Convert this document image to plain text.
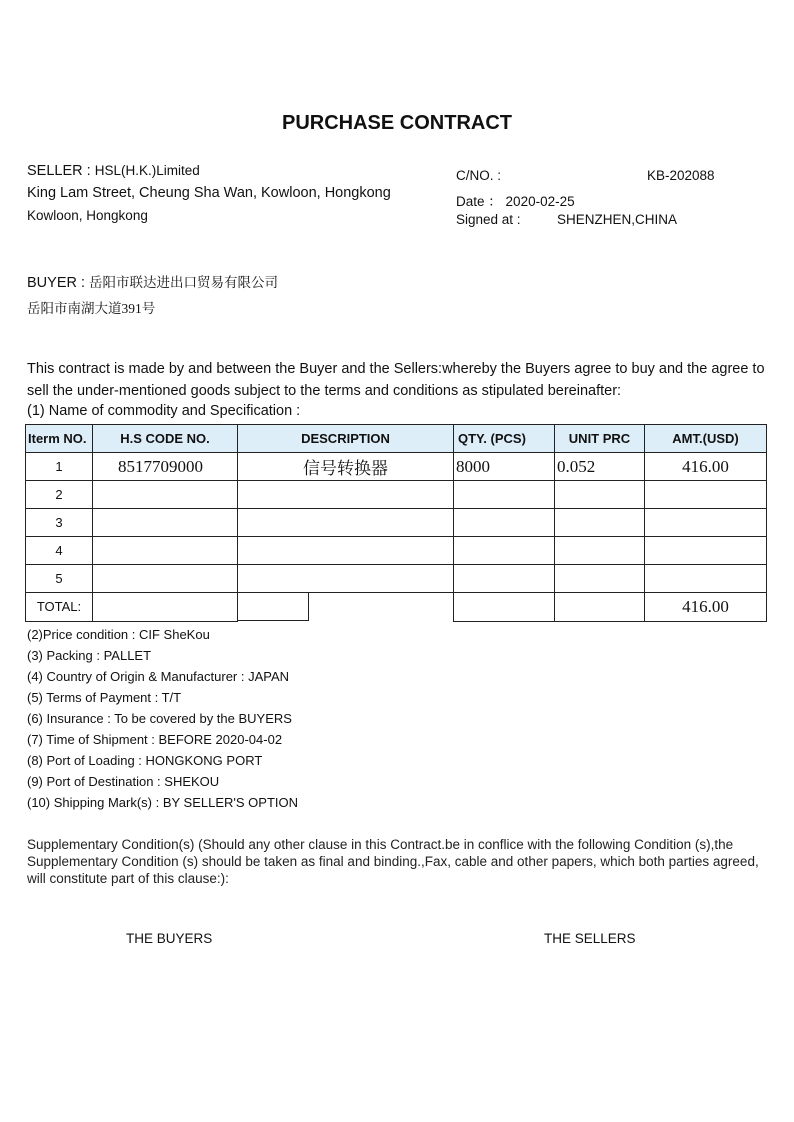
PURCHASE CONTRACT
SELLER : HSL(H.K.)Limited
King Lam Street, Cheung Sha Wan, Kowloon, Hongkong
Kowloon, Hongkong
C/NO. :	KB-202088
Date ： 2020-02-25
Signed at :	SHENZHEN,CHINA
BUYER : 岳阳市联达进出口贸易有限公司
岳阳市南湖大道391号
This contract is made by and between the Buyer and the Sellers:whereby the Buyers agree to buy and the agree to sell the under-mentioned goods subject to the terms and conditions as stipulated bereinafter:
(1) Name of commodity and Specification :
Iterm NO.	H.S CODE NO.	DESCRIPTION	QTY. (PCS)	UNIT PRC	AMT.(USD)
1	8517709000	信号转换器	8000	0.052	416.00
2					
3					
4					
5					
TOTAL:					416.00
(2)Price condition : CIF SheKou
(3) Packing : PALLET
(4) Country of Origin & Manufacturer : JAPAN
(5) Terms of Payment : T/T
(6) Insurance : To be covered by the BUYERS
(7) Time of Shipment : BEFORE 2020-04-02
(8) Port of Loading : HONGKONG PORT
(9) Port of Destination : SHEKOU
(10) Shipping Mark(s) : BY SELLER'S OPTION
Supplementary Condition(s) (Should any other clause in this Contract.be in conflice with the following Condition (s),the Supplementary Condition (s) should be taken as final and binding.,Fax, cable and other papers, which both parties agreed, will constitute part of this clause:):
THE BUYERS	THE SELLERS
